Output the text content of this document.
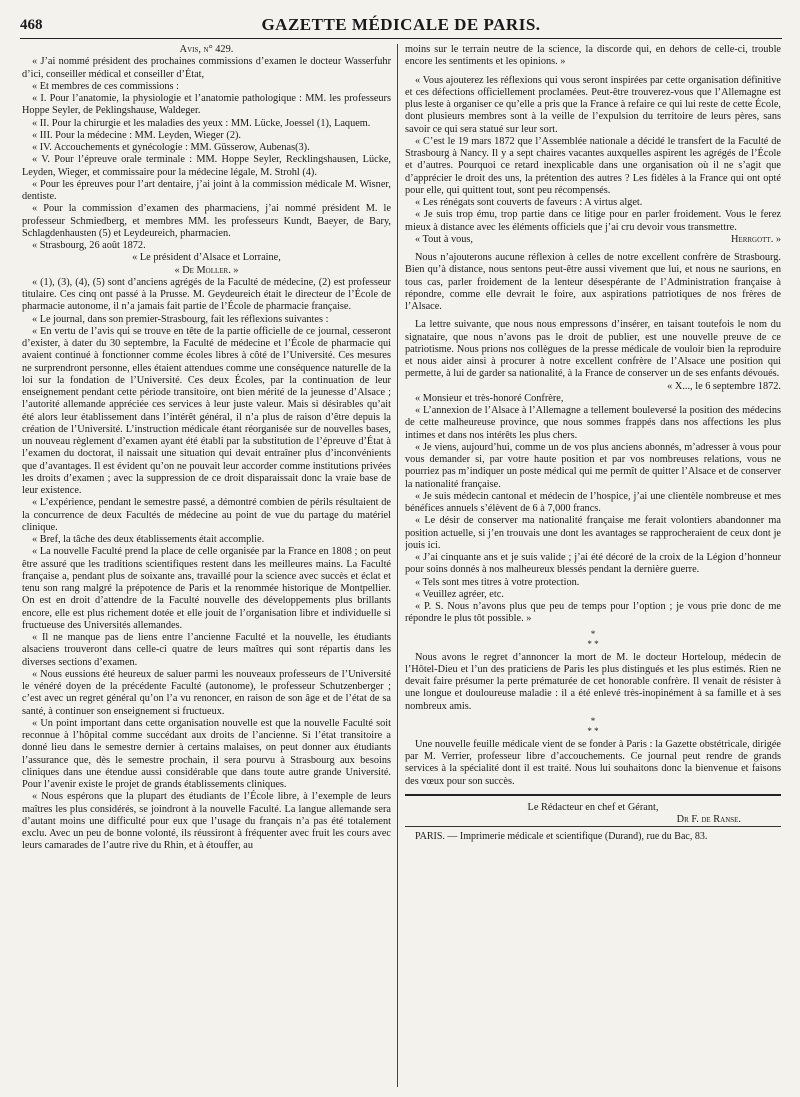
468	GAZETTE MÉDICALE DE PARIS.

Avis, n° 429.

« J’ai nommé président des prochaines commissions d’examen le docteur Wasserfuhr d’ici, conseiller médical et conseiller d’État,

« Et membres de ces commissions :

« I. Pour l’anatomie, la physiologie et l’anatomie pathologique : MM. les professeurs Hoppe Seyler, de Peklingshause, Waldeger.

« II. Pour la chirurgie et les maladies des yeux : MM. Lücke, Joessel (1), Laquem.

« III. Pour la médecine : MM. Leyden, Wieger (2).

« IV. Accouchements et gynécologie : MM. Güsserow, Aubenas(3).

« V. Pour l’épreuve orale terminale : MM. Hoppe Seyler, Recklingshausen, Lücke, Leyden, Wieger, et commissaire pour la médecine légale, M. Strohl (4).

« Pour les épreuves pour l’art dentaire, j’ai joint à la commission médicale M. Wisner, dentiste.

« Pour la commission d’examen des pharmaciens, j’ai nommé président M. le professeur Schmiedberg, et membres MM. les professeurs Kundt, Baeyer, de Bary, Schlagdenhausten (5) et Leydeureich, pharmacien.

« Strasbourg, 26 août 1872.

« Le président d’Alsace et Lorraine,

« De Moller. »

« (1), (3), (4), (5) sont d’anciens agrégés de la Faculté de médecine, (2) est professeur titulaire. Ces cinq ont passé à la Prusse. M. Geydeureich était le directeur de l’École de pharmacie autonome, il n’a jamais fait partie de l’École de pharmacie française.

« Le journal, dans son premier-Strasbourg, fait les réflexions suivantes :

« En vertu de l’avis qui se trouve en tête de la partie officielle de ce journal, cesseront d’exister, à dater du 30 septembre, la Faculté de médecine et l’École de pharmacie qui avaient continué à fonctionner comme écoles libres à côté de l’Université. Ces mesures ne surprendront personne, elles étaient attendues comme une conséquence naturelle de la loi sur la fondation de l’Université. Ces deux Écoles, par la continuation de leur enseignement pendant cette période transitoire, ont bien mérité de la jeunesse d’Alsace ; l’autorité allemande appréciée ces services à leur juste valeur. Mais si désirables qu’ait été alors leur établissement dans l’intérêt général, il n’a plus de raison d’être depuis la création de l’Université. L’instruction médicale étant réorganisée sur de nouvelles bases, un nouveau règlement d’examen ayant été établi par la substitution de l’épreuve d’État à l’examen du doctorat, il naissait une situation qui devait entraîner plus d’inconvénients que d’avantages. Il est évident qu’on ne pouvait leur accorder comme institutions privées les droits d’examen ; avec la suppression de ce droit disparaissait donc la vraie base de leur existence.

« L’expérience, pendant le semestre passé, a démontré combien de périls résultaient de la concurrence de deux Facultés de médecine au point de vue du partage du matériel clinique.

« Bref, la tâche des deux établissements était accomplie.

« La nouvelle Faculté prend la place de celle organisée par la France en 1808 ; on peut être assuré que les traditions scientifiques restent dans les meilleures mains. La Faculté française a, pendant plus de soixante ans, travaillé pour la science avec succès et éclat et tenu son rang malgré la prépotence de Paris et la renommée historique de Montpellier. On est en droit d’attendre de la Faculté nouvelle des développements plus brillants encore, elle est plus richement dotée et elle jouit de l’organisation libre et individuelle si fructueuse des Universités allemandes.

« Il ne manque pas de liens entre l’ancienne Faculté et la nouvelle, les étudiants alsaciens trouveront dans celle-ci quatre de leurs maîtres qui sont répartis dans les diverses sections d’examen.

« Nous eussions été heureux de saluer parmi les nouveaux professeurs de l’Université le vénéré doyen de la précédente Faculté (autonome), le professeur Schutzenberger ; c’est avec un regret général qu’on l’a vu renoncer, en raison de son âge et de l’état de sa santé, à continuer son enseignement si fructueux.

« Un point important dans cette organisation nouvelle est que la nouvelle Faculté soit reconnue à l’hôpital comme succédant aux droits de l’ancienne. Si l’état transitoire a donné lieu dans le semestre dernier à certains malaises, on peut donner aux étudiants l’assurance que, dès le semestre prochain, il sera pourvu à Strasbourg aux besoins cliniques dans une étendue aussi considérable que dans toute autre grande Université. Pour l’avenir existe le projet de grands établissements cliniques.

« Nous espérons que la plupart des étudiants de l’École libre, à l’exemple de leurs maîtres les plus considérés, se joindront à la nouvelle Faculté. La langue allemande sera d’autant moins une difficulté pour eux que l’usage du français n’a pas été totalement exclu. Avec un peu de bonne volonté, ils réussiront à fréquenter avec fruit les cours avec leurs camarades de l’autre rive du Rhin, et à étouffer, au

moins sur le terrain neutre de la science, la discorde qui, en dehors de celle-ci, trouble encore les sentiments et les opinions. »

« Vous ajouterez les réflexions qui vous seront inspirées par cette organisation définitive et ces défections officiellement proclamées. Peut-être trouverez-vous que l’Allemagne est plus leste à organiser ce qu’elle a pris que la France à refaire ce qui lui reste de cette École, dont plusieurs membres sont à la veille de l’expulsion du territoire de leurs pères, sans savoir ce qui sera statué sur leur sort.

« C’est le 19 mars 1872 que l’Assemblée nationale a décidé le transfert de la Faculté de Strasbourg à Nancy. Il y a sept chaires vacantes auxquelles aspirent les agrégés de l’École et d’autres. Pourquoi ce retard inexplicable dans une organisation où il ne s’agit que d’apprécier le droit des uns, la prétention des autres ? Les fidèles à la France qui ont opté pour elle, qui quittent tout, sont peu récompensés.

« Les rénégats sont couverts de faveurs : A virtus alget.

« Je suis trop ému, trop partie dans ce litige pour en parler froidement. Vous le ferez mieux à distance avec les éléments officiels que j’ai cru devoir vous transmettre.

« Tout à vous,	Herrgott. »

Nous n’ajouterons aucune réflexion à celles de notre excellent confrère de Strasbourg. Bien qu’à distance, nous sentons peut-être aussi vivement que lui, et nous ne saurions, en tous cas, parler froidement de la lenteur désespérante de l’Administration française à répondre, comme elle devrait le foire, aux aspirations patriotiques de nos frères de l’Alsace.

La lettre suivante, que nous nous empressons d’insérer, en taisant toutefois le nom du signataire, que nous n’avons pas le droit de publier, est une nouvelle preuve de ce patriotisme. Nous prions nos collègues de la presse médicale de vouloir bien la reproduire et nous aider ainsi à procurer à notre excellent confrère de l’Alsace une position qui permette, à lui de garder sa nationalité, à la France de conserver un de ses enfants dévoués.

« X..., le 6 septembre 1872.

« Monsieur et très-honoré Confrère,

« L’annexion de l’Alsace à l’Allemagne a tellement bouleversé la position des médecins de cette malheureuse province, que nous sommes frappés dans nos affections les plus intimes et dans nos intérêts les plus chers.

« Je viens, aujourd’hui, comme un de vos plus anciens abonnés, m’adresser à vous pour vous demander si, par votre haute position et par vos nombreuses relations, vous ne pourriez pas m’indiquer un poste médical qui me permît de quitter l’Alsace et de conserver la nationalité française.

« Je suis médecin cantonal et médecin de l’hospice, j’ai une clientèle nombreuse et mes bénéfices annuels s’élèvent de 6 à 7,000 francs.

« Le désir de conserver ma nationalité française me ferait volontiers abandonner ma position actuelle, si j’en trouvais une dont les avantages se rapprocheraient de ceux dont je jouis ici.

« J’ai cinquante ans et je suis valide ; j’ai été décoré de la croix de la Légion d’honneur pour soins donnés à nos malheureux blessés pendant la dernière guerre.

« Tels sont mes titres à votre protection.

« Veuillez agréer, etc.

« P. S. Nous n’avons plus que peu de temps pour l’option ; je vous prie donc de me répondre le plus tôt possible. »

*
* *

Nous avons le regret d’annoncer la mort de M. le docteur Horteloup, médecin de l’Hôtel-Dieu et l’un des praticiens de Paris les plus distingués et les plus estimés. Rien ne devait faire présumer la perte prématurée de cet honorable confrère. Il venait de résister à une longue et douloureuse maladie : il a été enlevé très-inopinément à sa famille et à ses nombreux amis.

*
* *

Une nouvelle feuille médicale vient de se fonder à Paris : la Gazette obstétricale, dirigée par M. Verrier, professeur libre d’accouchements. Ce journal peut rendre de grands services à la spécialité dont il est traité. Nous lui souhaitons donc la bienvenue et faisons des vœux pour son succès.

Le Rédacteur en chef et Gérant,

Dr F. de Ranse.

PARIS. — Imprimerie médicale et scientifique (Durand), rue du Bac, 83.
